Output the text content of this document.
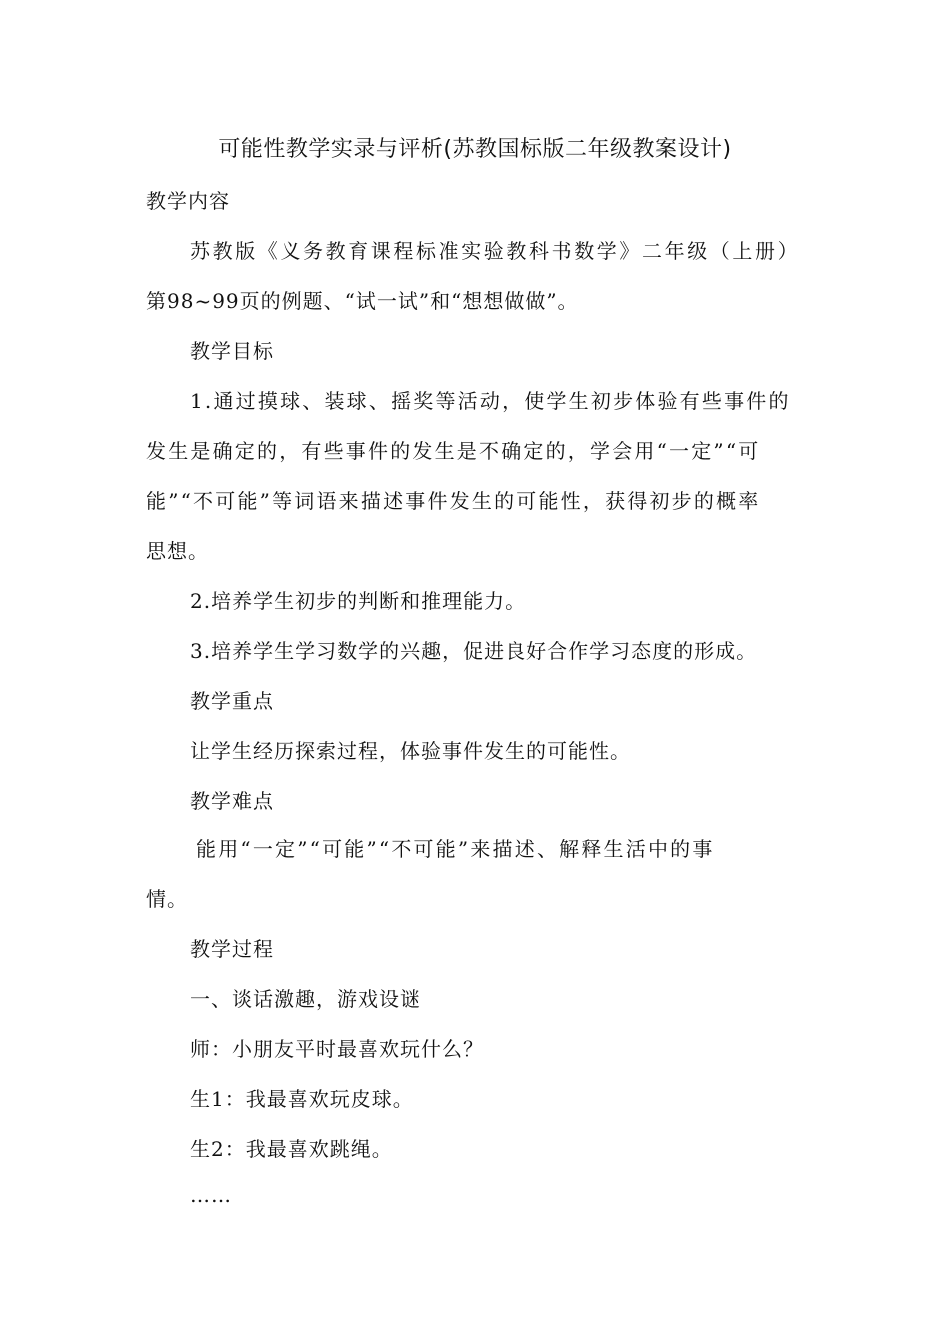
可能性教学实录与评析(苏教国标版二年级教案设计)
教学内容
苏教版《义务教育课程标准实验教科书数学》二年级（上册）
第98~99页的例题、“试一试”和“想想做做”。
教学目标
1.通过摸球、装球、摇奖等活动，使学生初步体验有些事件的
发生是确定的，有些事件的发生是不确定的，学会用“一定”“可
能”“不可能”等词语来描述事件发生的可能性，获得初步的概率
思想。
2.培养学生初步的判断和推理能力。
3.培养学生学习数学的兴趣，促进良好合作学习态度的形成。
教学重点
让学生经历探索过程，体验事件发生的可能性。
教学难点
能用“一定”“可能”“不可能”来描述、解释生活中的事
情。
教学过程
一、谈话激趣，游戏设谜
师：小朋友平时最喜欢玩什么？
生1：我最喜欢玩皮球。
生2：我最喜欢跳绳。
……
